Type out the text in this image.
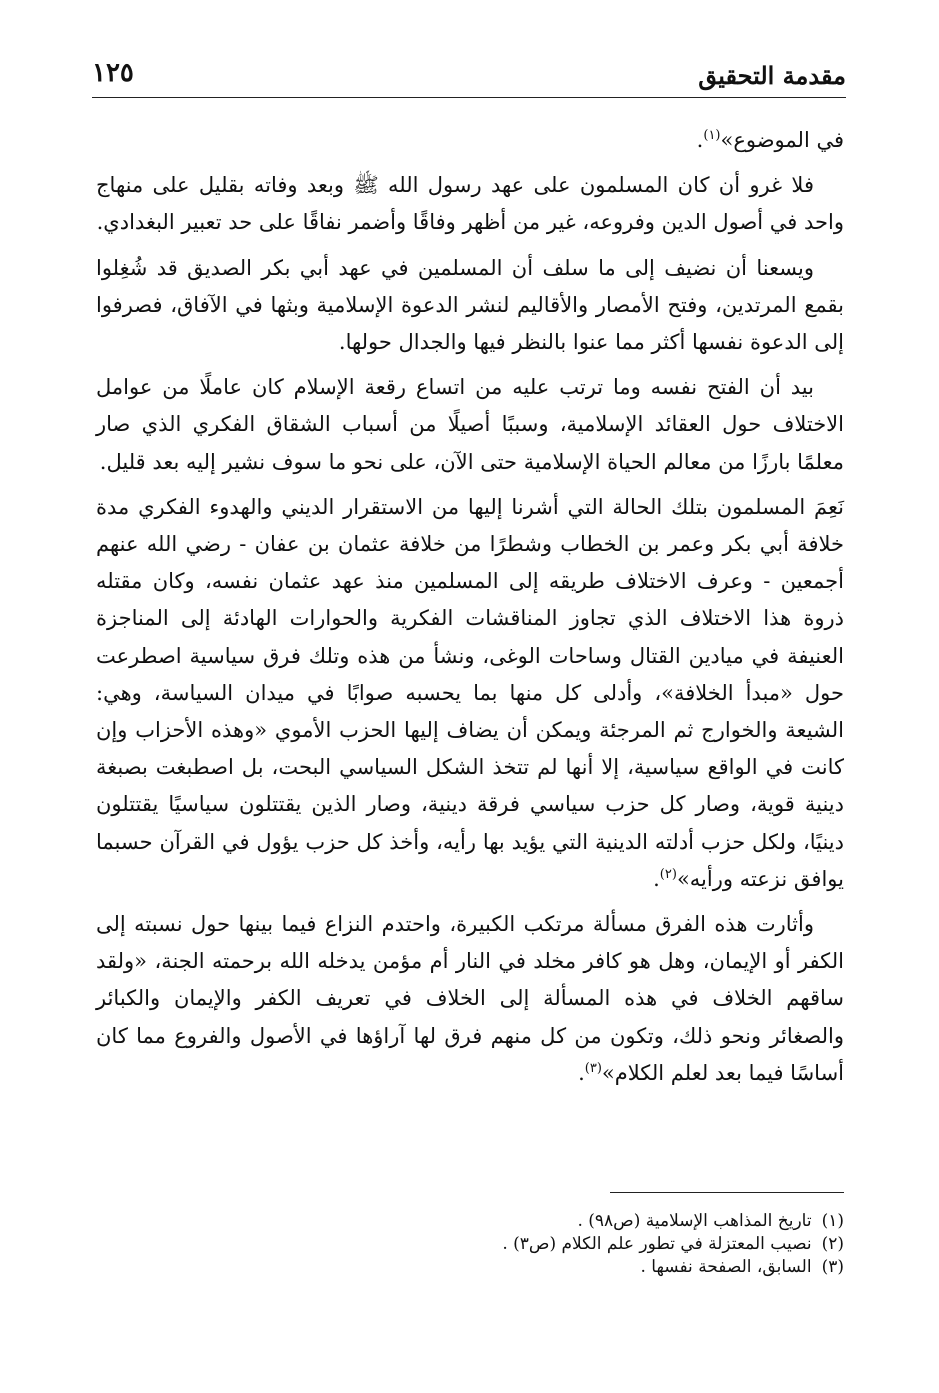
مقدمة التحقيق
١٢٥

في الموضوع»$^{(١)}$.

فلا غرو أن كان المسلمون على عهد رسول الله ﷺ وبعد وفاته بقليل على منهاج واحد في أصول الدين وفروعه، غير من أظهر وفاقًا وأضمر نفاقًا على حد تعبير البغدادي.

ويسعنا أن نضيف إلى ما سلف أن المسلمين في عهد أبي بكر الصديق قد شُغِلوا بقمع المرتدين، وفتح الأمصار والأقاليم لنشر الدعوة الإسلامية وبثها في الآفاق، فصرفوا إلى الدعوة نفسها أكثر مما عنوا بالنظر فيها والجدال حولها.

بيد أن الفتح نفسه وما ترتب عليه من اتساع رقعة الإسلام كان عاملًا من عوامل الاختلاف حول العقائد الإسلامية، وسببًا أصيلًا من أسباب الشقاق الفكري الذي صار معلمًا بارزًا من معالم الحياة الإسلامية حتى الآن، على نحو ما سوف نشير إليه بعد قليل.

نَعِمَ المسلمون بتلك الحالة التي أشرنا إليها من الاستقرار الديني والهدوء الفكري مدة خلافة أبي بكر وعمر بن الخطاب وشطرًا من خلافة عثمان بن عفان - رضي الله عنهم أجمعين - وعرف الاختلاف طريقه إلى المسلمين منذ عهد عثمان نفسه، وكان مقتله ذروة هذا الاختلاف الذي تجاوز المناقشات الفكرية والحوارات الهادئة إلى المناجزة العنيفة في ميادين القتال وساحات الوغى، ونشأ من هذه وتلك فرق سياسية اصطرعت حول «مبدأ الخلافة»، وأدلى كل منها بما يحسبه صوابًا في ميدان السياسة، وهي: الشيعة والخوارج ثم المرجئة ويمكن أن يضاف إليها الحزب الأموي «وهذه الأحزاب وإن كانت في الواقع سياسية، إلا أنها لم تتخذ الشكل السياسي البحت، بل اصطبغت بصبغة دينية قوية، وصار كل حزب سياسي فرقة دينية، وصار الذين يقتتلون سياسيًا يقتتلون دينيًا، ولكل حزب أدلته الدينية التي يؤيد بها رأيه، وأخذ كل حزب يؤول في القرآن حسبما يوافق نزعته ورأيه»$^{(٢)}$.

وأثارت هذه الفرق مسألة مرتكب الكبيرة، واحتدم النزاع فيما بينها حول نسبته إلى الكفر أو الإيمان، وهل هو كافر مخلد في النار أم مؤمن يدخله الله برحمته الجنة، «ولقد ساقهم الخلاف في هذه المسألة إلى الخلاف في تعريف الكفر والإيمان والكبائر والصغائر ونحو ذلك، وتكون من كل منهم فرق لها آراؤها في الأصول والفروع مما كان أساسًا فيما بعد لعلم الكلام»$^{(٣)}$.

(١)تاريخ المذاهب الإسلامية (ص٩٨) .

(٢)نصيب المعتزلة في تطور علم الكلام (ص٣) .

(٣)السابق، الصفحة نفسها .
